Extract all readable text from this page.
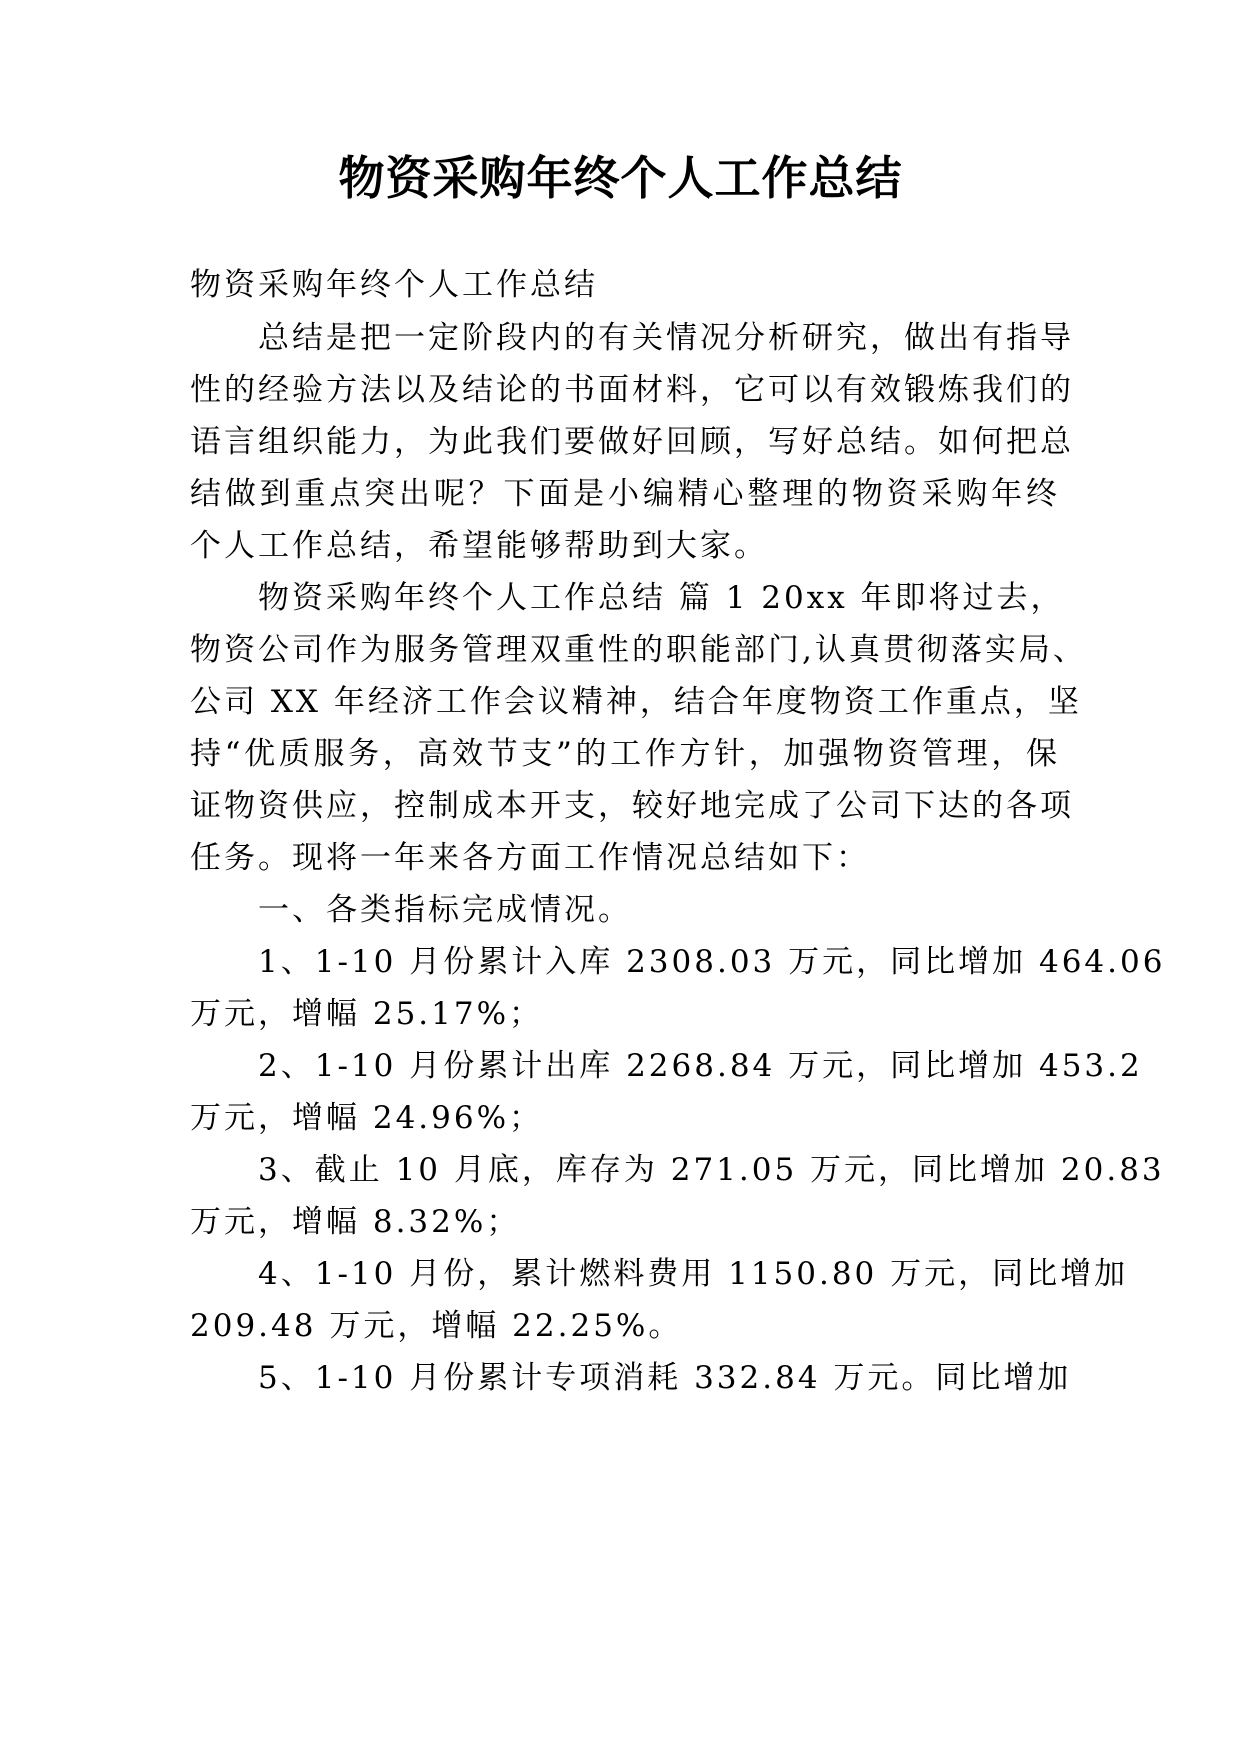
物资采购年终个人工作总结
物资采购年终个人工作总结
总结是把一定阶段内的有关情况分析研究，做出有指导
性的经验方法以及结论的书面材料，它可以有效锻炼我们的
语言组织能力，为此我们要做好回顾，写好总结。如何把总
结做到重点突出呢？下面是小编精心整理的物资采购年终
个人工作总结，希望能够帮助到大家。
物资采购年终个人工作总结 篇 1 20xx 年即将过去，
物资公司作为服务管理双重性的职能部门,认真贯彻落实局、
公司 XX 年经济工作会议精神，结合年度物资工作重点，坚
持“优质服务，高效节支”的工作方针，加强物资管理，保
证物资供应，控制成本开支，较好地完成了公司下达的各项
任务。现将一年来各方面工作情况总结如下：
一、各类指标完成情况。
1、1-10 月份累计入库 2308.03 万元，同比增加 464.06
万元，增幅 25.17%；
2、1-10 月份累计出库 2268.84 万元，同比增加 453.2
万元，增幅 24.96%；
3、截止 10 月底，库存为 271.05 万元，同比增加 20.83
万元，增幅 8.32%；
4、1-10 月份，累计燃料费用 1150.80 万元，同比增加
209.48 万元，增幅 22.25%。
5、1-10 月份累计专项消耗 332.84 万元。同比增加
